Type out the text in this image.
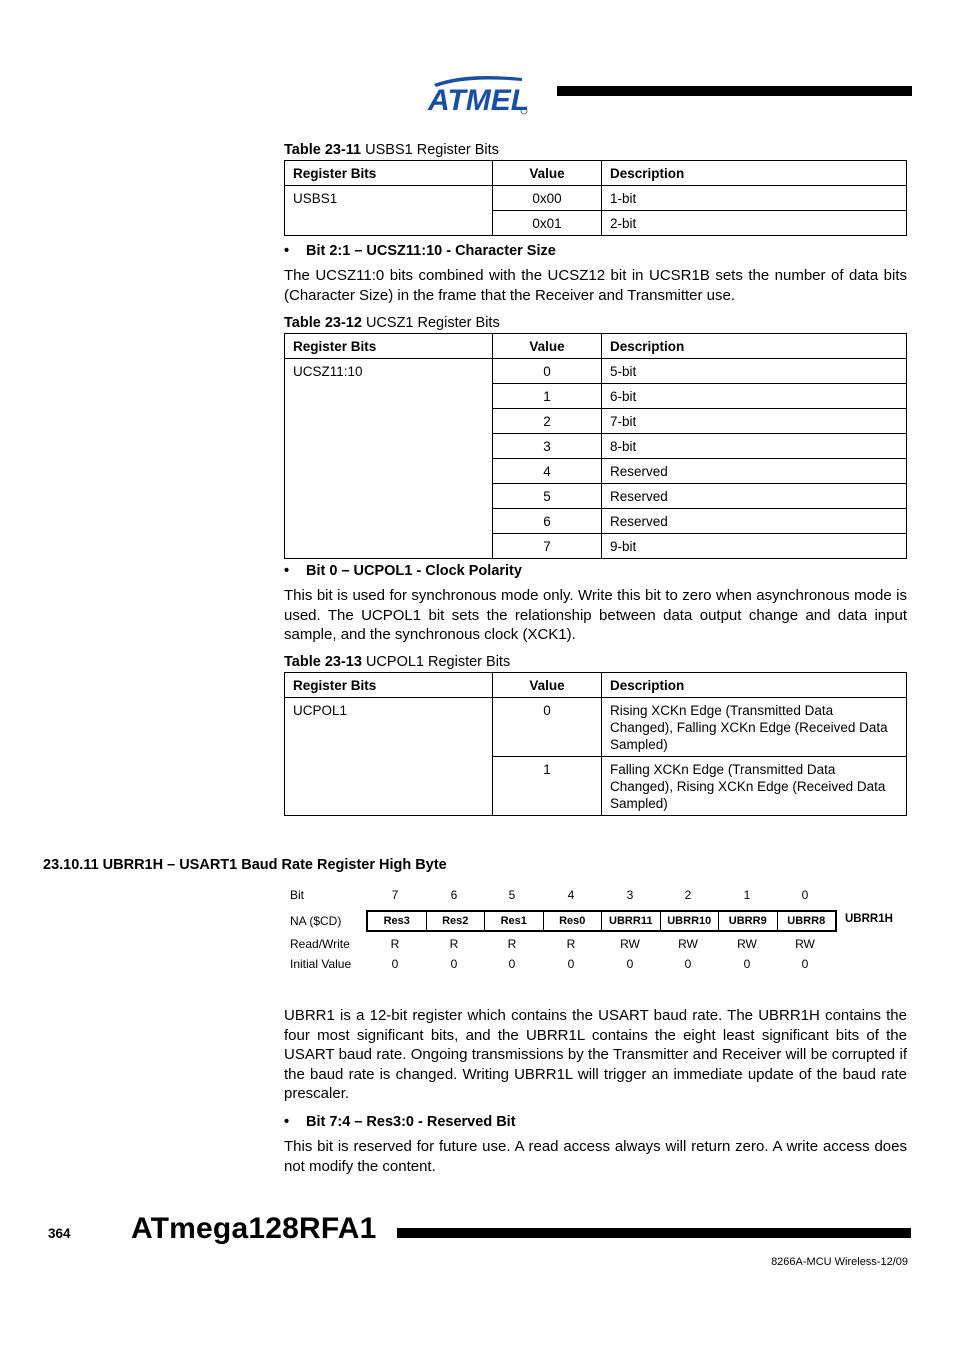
ATMEL
Table 23-11 USBS1 Register Bits
Register Bits	Value	Description
USBS1	0x00	1-bit
	0x01	2-bit
• Bit 2:1 – UCSZ11:10 - Character Size
The UCSZ11:0 bits combined with the UCSZ12 bit in UCSR1B sets the number of data bits (Character Size) in the frame that the Receiver and Transmitter use.
Table 23-12 UCSZ1 Register Bits
Register Bits	Value	Description
UCSZ11:10	0	5-bit
	1	6-bit
	2	7-bit
	3	8-bit
	4	Reserved
	5	Reserved
	6	Reserved
	7	9-bit
• Bit 0 – UCPOL1 - Clock Polarity
This bit is used for synchronous mode only. Write this bit to zero when asynchronous mode is used. The UCPOL1 bit sets the relationship between data output change and data input sample, and the synchronous clock (XCK1).
Table 23-13 UCPOL1 Register Bits
Register Bits	Value	Description
UCPOL1	0	Rising XCKn Edge (Transmitted Data Changed), Falling XCKn Edge (Received Data Sampled)
	1	Falling XCKn Edge (Transmitted Data Changed), Rising XCKn Edge (Received Data Sampled)
23.10.11 UBRR1H – USART1 Baud Rate Register High Byte
Bit	7	6	5	4	3	2	1	0
NA ($CD)	Res3	Res2	Res1	Res0	UBRR11	UBRR10	UBRR9	UBRR8	UBRR1H
Read/Write	R	R	R	R	RW	RW	RW	RW
Initial Value	0	0	0	0	0	0	0	0
UBRR1 is a 12-bit register which contains the USART baud rate. The UBRR1H contains the four most significant bits, and the UBRR1L contains the eight least significant bits of the USART baud rate. Ongoing transmissions by the Transmitter and Receiver will be corrupted if the baud rate is changed. Writing UBRR1L will trigger an immediate update of the baud rate prescaler.
• Bit 7:4 – Res3:0 - Reserved Bit
This bit is reserved for future use. A read access always will return zero. A write access does not modify the content.
364 ATmega128RFA1
8266A-MCU Wireless-12/09
